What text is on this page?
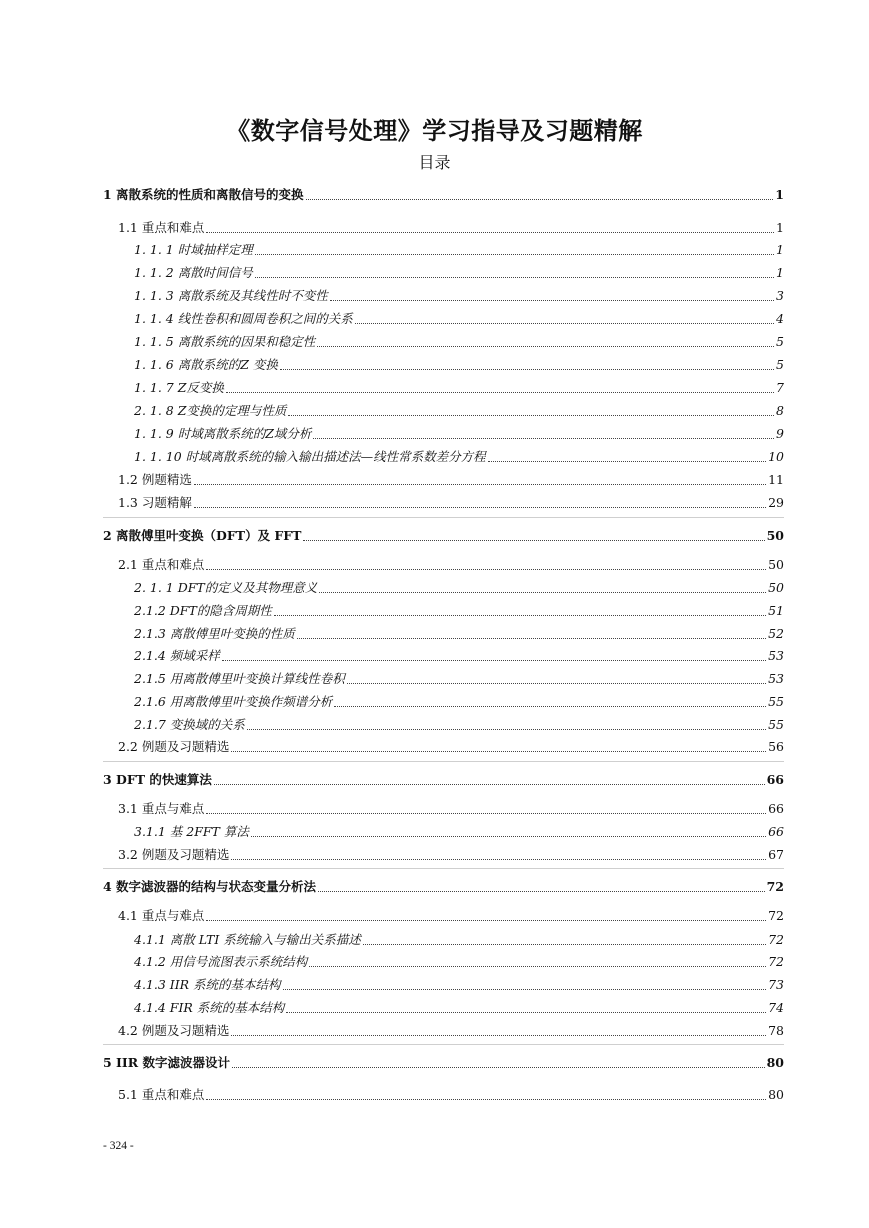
《数字信号处理》学习指导及习题精解
目录
1 离散系统的性质和离散信号的变换	1
1.1 重点和难点	1
1. 1. 1 时域抽样定理	1
1. 1. 2 离散时间信号	1
1. 1. 3 离散系统及其线性时不变性	3
1. 1. 4 线性卷积和圆周卷积之间的关系	4
1. 1. 5 离散系统的因果和稳定性	5
1. 1. 6 离散系统的Z 变换	5
1. 1. 7 Z反变换	7
2. 1. 8 Z变换的定理与性质	8
1. 1. 9 时域离散系统的Z域分析	9
1. 1. 10 时域离散系统的输入输出描述法—线性常系数差分方程	10
1.2 例题精选	11
1.3 习题精解	29
2 离散傅里叶变换（DFT）及 FFT	50
2.1 重点和难点	50
2. 1. 1 DFT的定义及其物理意义	50
2.1.2 DFT的隐含周期性	51
2.1.3 离散傅里叶变换的性质	52
2.1.4 频域采样	53
2.1.5 用离散傅里叶变换计算线性卷积	53
2.1.6 用离散傅里叶变换作频谱分析	55
2.1.7 变换域的关系	55
2.2 例题及习题精选	56
3 DFT 的快速算法	66
3.1 重点与难点	66
3.1.1 基 2FFT 算法	66
3.2 例题及习题精选	67
4 数字滤波器的结构与状态变量分析法	72
4.1 重点与难点	72
4.1.1 离散 LTI 系统输入与输出关系描述	72
4.1.2 用信号流图表示系统结构	72
4.1.3 IIR 系统的基本结构	73
4.1.4 FIR 系统的基本结构	74
4.2 例题及习题精选	78
5 IIR 数字滤波器设计	80
5.1 重点和难点	80
- 324 -
